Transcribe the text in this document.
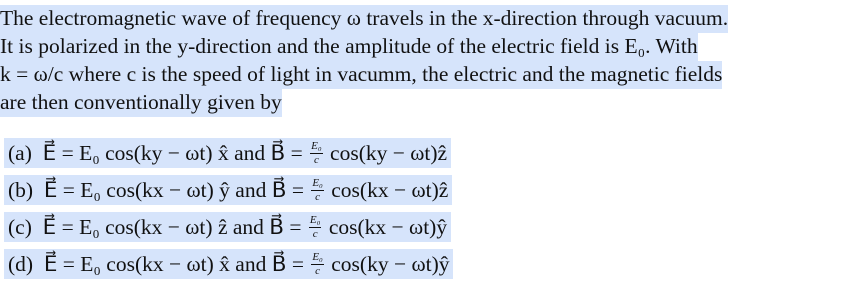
The electromagnetic wave of frequency ω travels in the x-direction through vacuum.
It is polarized in the y-direction and the amplitude of the electric field is E₀. With
k = ω/c where c is the speed of light in vacumm, the electric and the magnetic fields
are then conventionally given by
(a) E⃗ = E₀ cos(ky − ωt) x̂ and B⃗ = $\frac{\text{E₀}}{c} \cos(ky$ − ωt)ẑ
(b) E⃗ = E₀ cos(kx − ωt) ŷ and B⃗ = $\frac{\text{E₀}}{c} \cos(kx$ − ωt)ẑ
(c) E⃗ = E₀ cos(kx − ωt) ẑ and B⃗ = $\frac{\text{E₀}}{c} \cos(kx$ − ωt)ŷ
(d) E⃗ = E₀ cos(kx − ωt) x̂ and B⃗ = $\frac{\text{E₀}}{c} \cos(ky$ − ωt)ŷ
